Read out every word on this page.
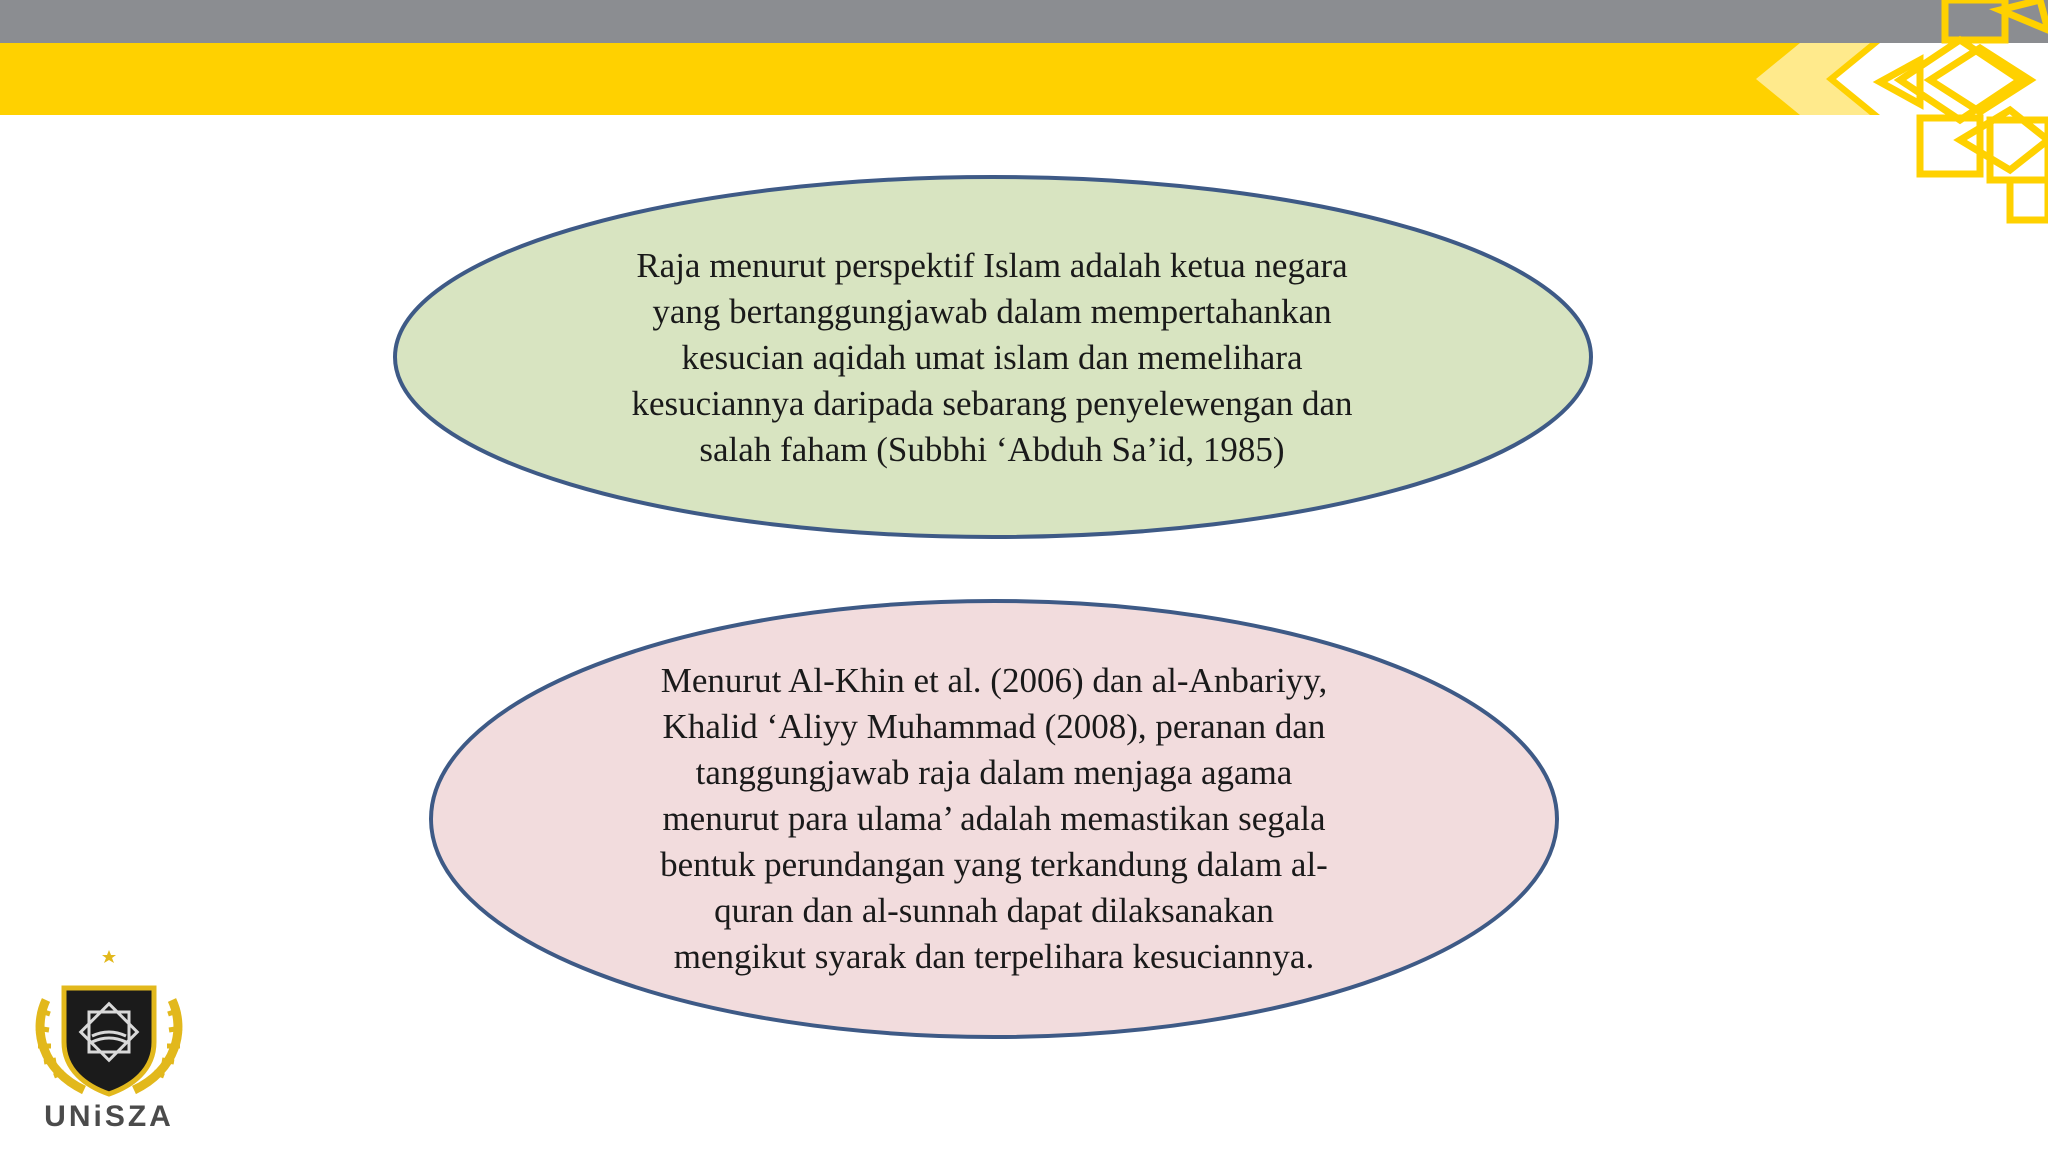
Raja menurut perspektif Islam adalah ketua negara
yang bertanggungjawab dalam mempertahankan
kesucian aqidah umat islam dan memelihara
kesuciannya daripada sebarang penyelewengan dan
salah faham (Subbhi ‘Abduh Sa’id, 1985)
Menurut Al-Khin et al. (2006) dan al-Anbariyy,
Khalid ‘Aliyy Muhammad (2008), peranan dan
tanggungjawab raja dalam menjaga agama
menurut para ulama’ adalah memastikan segala
bentuk perundangan yang terkandung dalam al-
quran dan al-sunnah dapat dilaksanakan
mengikut syarak dan terpelihara kesuciannya.
UNiSZA
